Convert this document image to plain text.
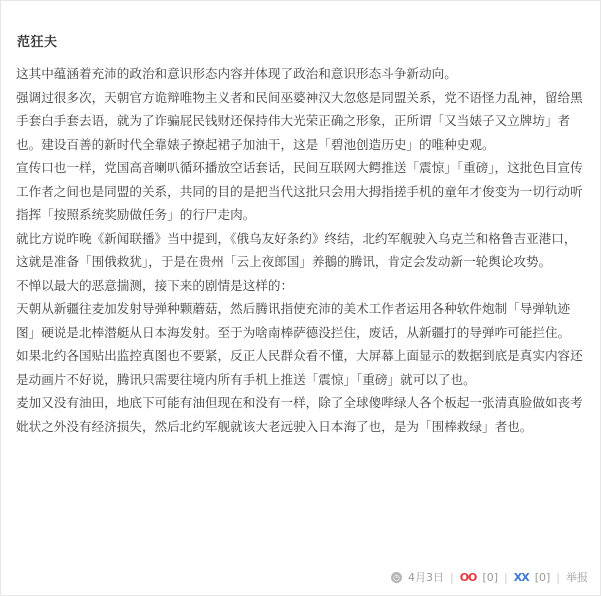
范狂夫

这其中蕴涵着充沛的政治和意识形态内容并体现了政治和意识形态斗争新动向。

强调过很多次，天朝官方诡辩唯物主义者和民间巫婆神汉大忽悠是同盟关系，党不语怪力乱神，留给黑手套白手套去语，就为了诈骗屁民钱财还保持伟大光荣正确之形象，正所谓「又当婊子又立牌坊」者也。建设百善的新时代全靠婊子撩起裙子加油干，这是「碧池创造历史」的唯种史观。

宣传口也一样，党国高音喇叭循环播放空话套话，民间互联网大鳄推送「震惊」「重磅」，这批色目宣传工作者之间也是同盟的关系，共同的目的是把当代这批只会用大拇指搓手机的童年才俊变为一切行动听指挥「按照系统奖励做任务」的行尸走肉。

就比方说昨晚《新闻联播》当中提到，《俄乌友好条约》终结，北约军舰驶入乌克兰和格鲁吉亚港口，这就是准备「围俄救犹」，于是在贵州「云上夜郎国」养鵝的腾讯，肯定会发动新一轮舆论攻势。

不惮以最大的恶意揣测，接下来的剧情是这样的：

天朝从新疆往麦加发射导弹种颗蘑菇，然后腾讯指使充沛的美术工作者运用各种软件炮制「导弹轨迹图」硬说是北棒潜艇从日本海发射。至于为啥南棒萨德没拦住，废话，从新疆打的导弹咋可能拦住。

如果北约各国贴出监控真图也不要紧，反正人民群众看不懂，大屏幕上面显示的数据到底是真实内容还是动画片不好说，腾讯只需要往境内所有手机上推送「震惊」「重磅」就可以了也。

麦加又没有油田，地底下可能有油但现在和没有一样，除了全球傻哔绿人各个板起一张清真脸做如丧考妣状之外没有经济损失，然后北约军舰就该大老远驶入日本海了也，是为「围棒救绿」者也。

◷ 4月3日 | OO [0] | XX [0] | 举报
